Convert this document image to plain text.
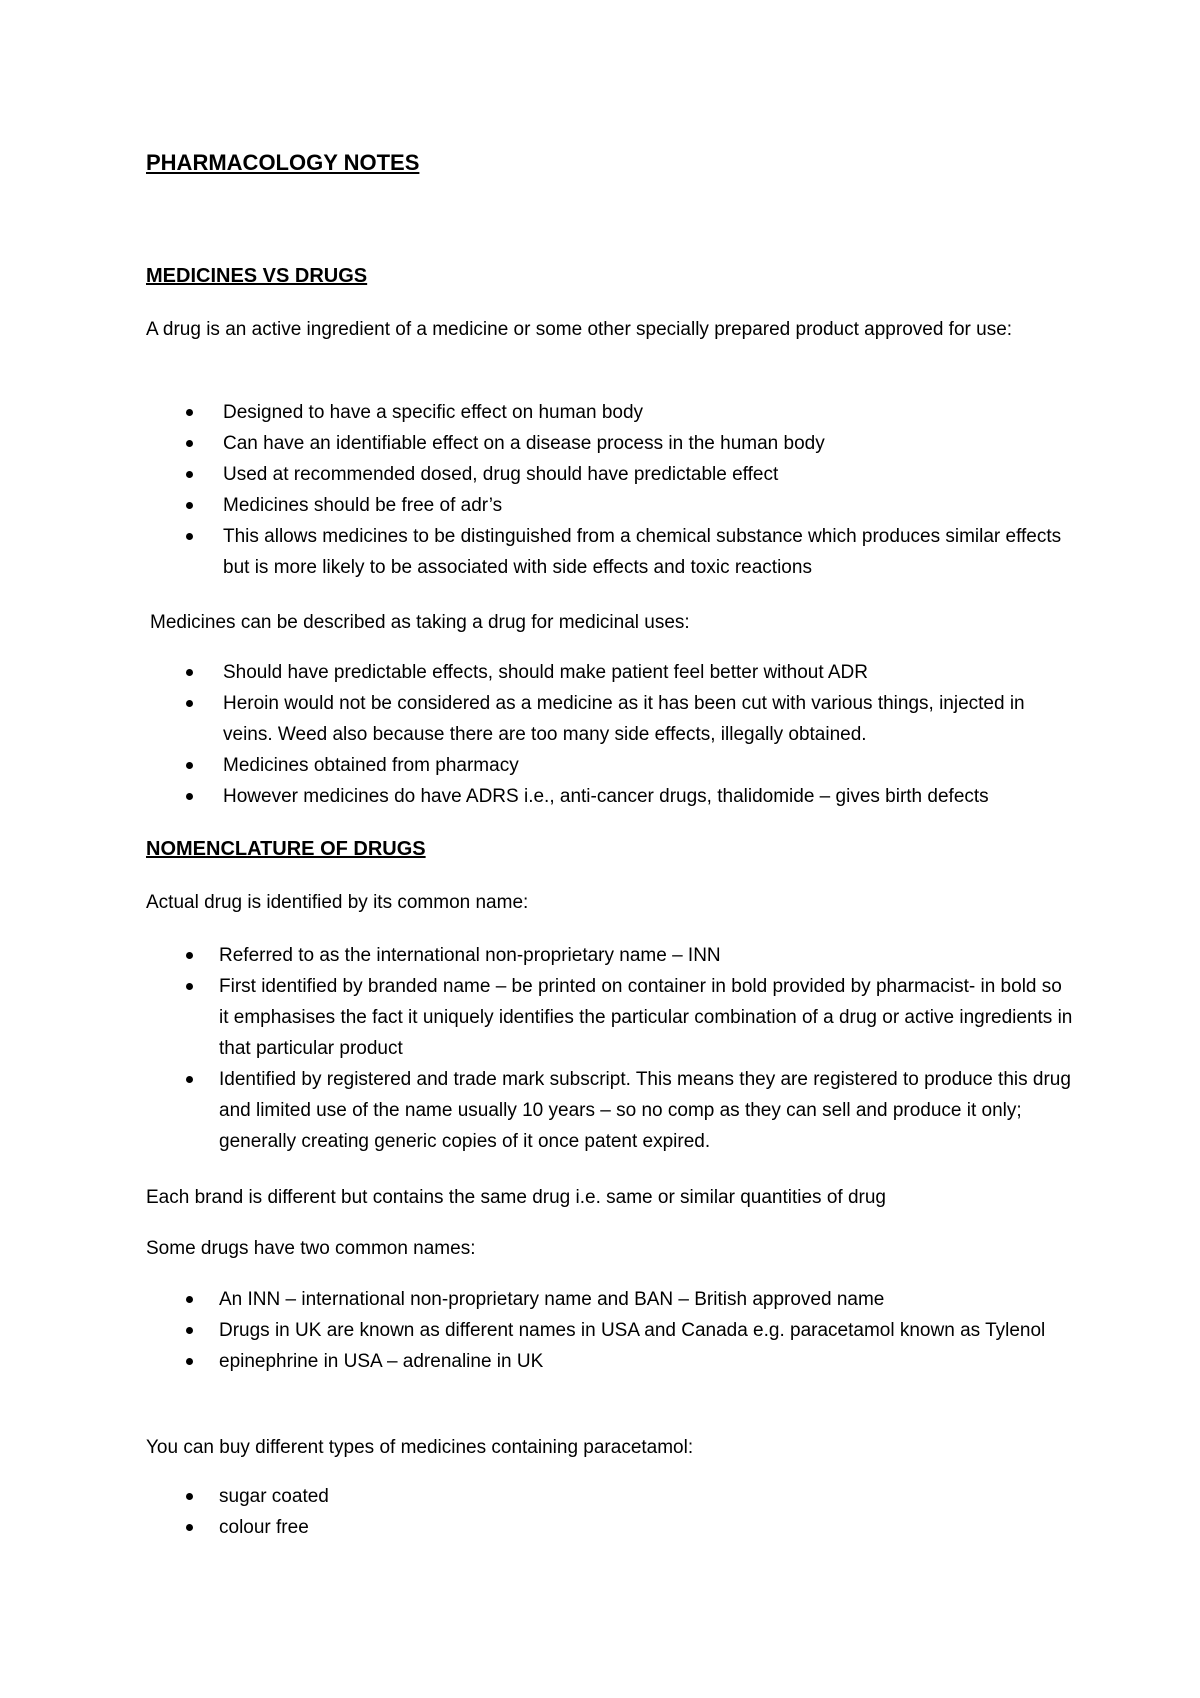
PHARMACOLOGY NOTES
MEDICINES VS DRUGS

A drug is an active ingredient of a medicine or some other specially prepared product approved for use:

Designed to have a specific effect on human body
Can have an identifiable effect on a disease process in the human body
Used at recommended dosed, drug should have predictable effect
Medicines should be free of adr’s
This allows medicines to be distinguished from a chemical substance which produces similar effects but is more likely to be associated with side effects and toxic reactions

Medicines can be described as taking a drug for medicinal uses:

Should have predictable effects, should make patient feel better without ADR
Heroin would not be considered as a medicine as it has been cut with various things, injected in veins. Weed also because there are too many side effects, illegally obtained.
Medicines obtained from pharmacy
However medicines do have ADRS i.e., anti-cancer drugs, thalidomide – gives birth defects
NOMENCLATURE OF DRUGS

Actual drug is identified by its common name:

Referred to as the international non-proprietary name – INN
First identified by branded name – be printed on container in bold provided by pharmacist- in bold so it emphasises the fact it uniquely identifies the particular combination of a drug or active ingredients in that particular product
Identified by registered and trade mark subscript. This means they are registered to produce this drug and limited use of the name usually 10 years – so no comp as they can sell and produce it only; generally creating generic copies of it once patent expired.

Each brand is different but contains the same drug i.e. same or similar quantities of drug

Some drugs have two common names:

An INN – international non-proprietary name and BAN – British approved name
Drugs in UK are known as different names in USA and Canada e.g. paracetamol known as Tylenol
epinephrine in USA – adrenaline in UK

You can buy different types of medicines containing paracetamol:

sugar coated
colour free
